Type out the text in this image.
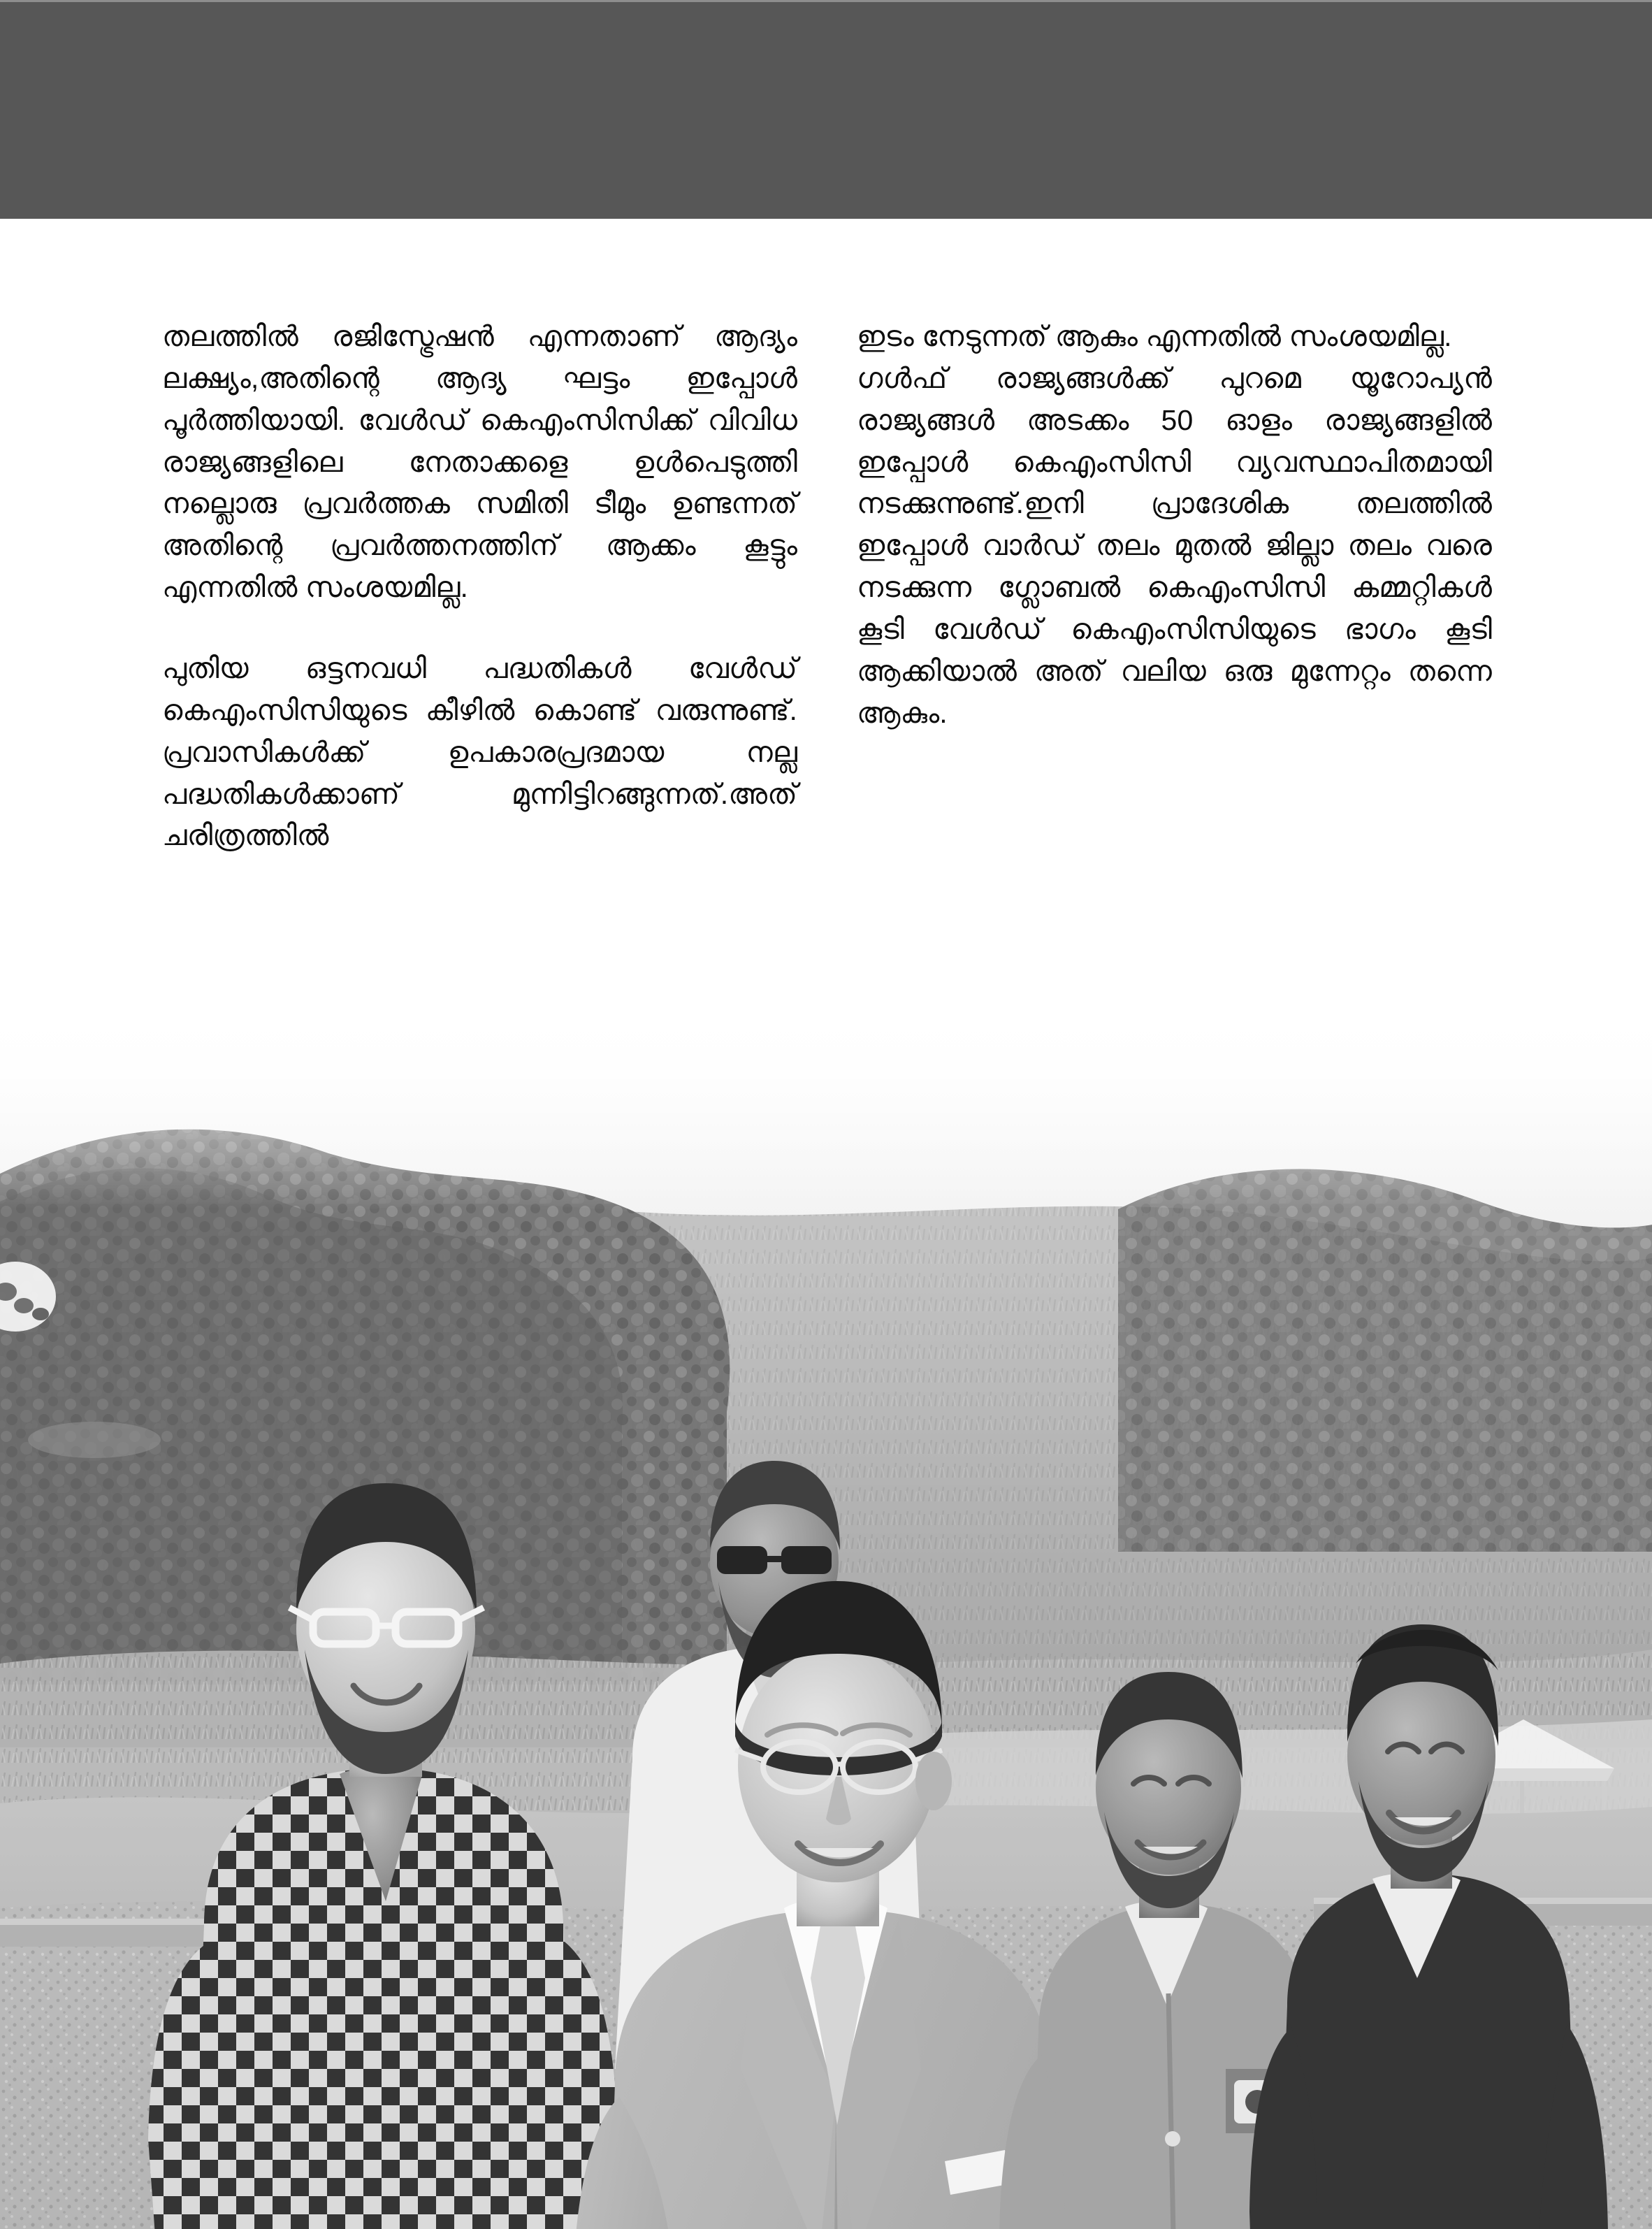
തലത്തിൽ രജിസ്ട്രേഷൻ എന്നതാണ് ആദ്യം ലക്ഷ്യം,അതിന്റെ ആദ്യ ഘട്ടം ഇപ്പോൾ പൂർത്തിയായി. വേൾഡ് കെഎംസിസിക്ക് വിവിധ രാജ്യങ്ങളിലെ നേതാക്കളെ ഉൾപെടുത്തി നല്ലൊരു പ്രവർത്തക സമിതി ടീമും ഉണ്ടന്നത് അതിന്റെ പ്രവർത്തനത്തിന് ആക്കം കൂട്ടും എന്നതിൽ സംശയമില്ല.

പുതിയ ഒട്ടനവധി പദ്ധതികൾ വേൾഡ് കെഎംസിസിയുടെ കീഴിൽ കൊണ്ട് വരുന്നുണ്ട്. പ്രവാസികൾക്ക് ഉപകാരപ്രദമായ നല്ല പദ്ധതികൾക്കാണ് മുന്നിട്ടിറങ്ങുന്നത്.അത് ചരിത്രത്തിൽ

ഇടം നേടുന്നത് ആകും എന്നതിൽ സംശയമില്ല.

ഗൾഫ് രാജ്യങ്ങൾക്ക് പുറമെ യൂറോപ്യൻ രാജ്യങ്ങൾ അടക്കം 50 ഓളം രാജ്യങ്ങളിൽ ഇപ്പോൾ കെഎംസിസി വ്യവസ്ഥാപിതമായി നടക്കുന്നുണ്ട്.ഇനി പ്രാദേശിക തലത്തിൽ ഇപ്പോൾ വാർഡ് തലം മുതൽ ജില്ലാ തലം വരെ നടക്കുന്ന ഗ്ലോബൽ കെഎംസിസി കമ്മറ്റികൾ കൂടി വേൾഡ് കെഎംസിസിയുടെ ഭാഗം കൂടി ആക്കിയാൽ അത് വലിയ ഒരു മുന്നേറ്റം തന്നെ ആകും.
